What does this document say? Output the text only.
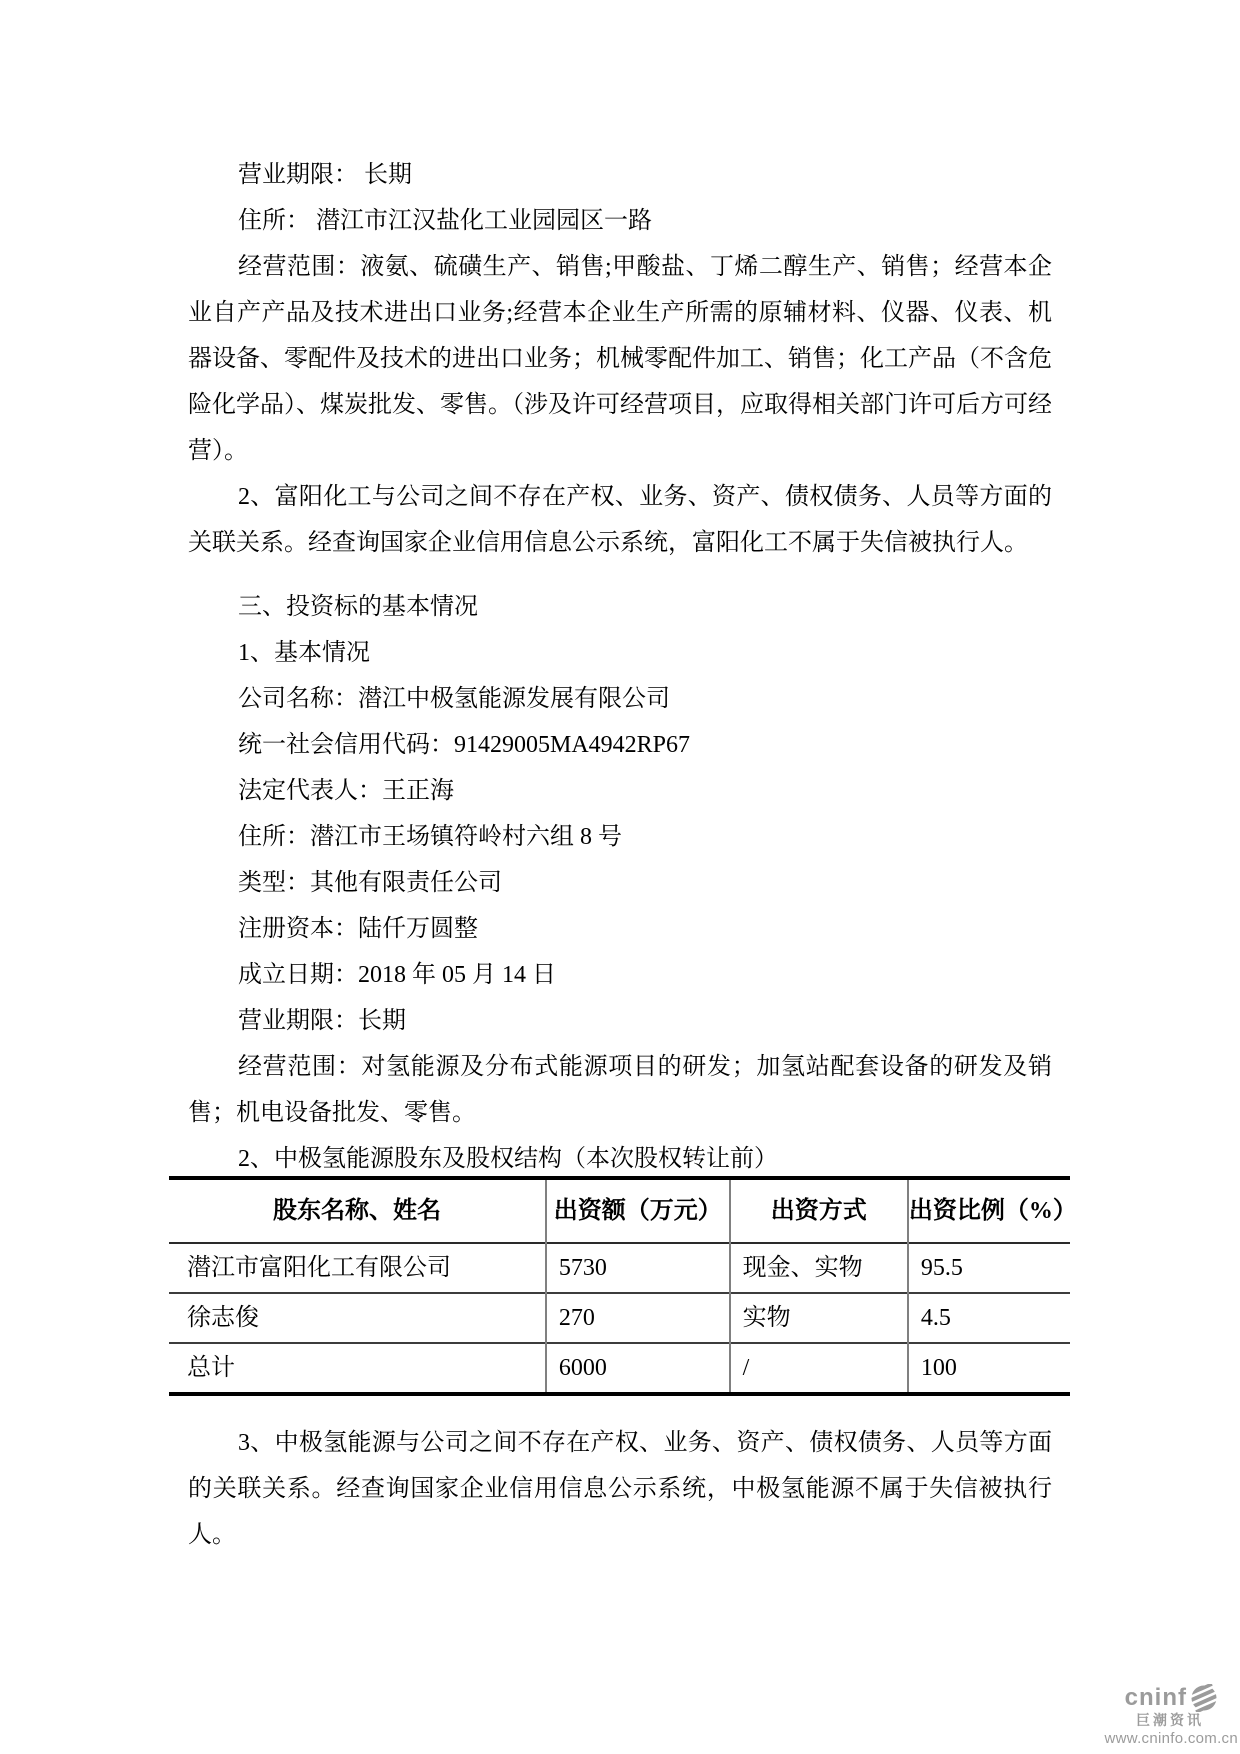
营业期限： 长期
住所： 潜江市江汉盐化工业园园区一路
经营范围：液氨、硫磺生产、销售;甲酸盐、丁烯二醇生产、销售；经营本企业自产产品及技术进出口业务;经营本企业生产所需的原辅材料、仪器、仪表、机器设备、零配件及技术的进出口业务；机械零配件加工、销售；化工产品（不含危险化学品）、煤炭批发、零售。（涉及许可经营项目，应取得相关部门许可后方可经营）。
2、富阳化工与公司之间不存在产权、业务、资产、债权债务、人员等方面的关联关系。经查询国家企业信用信息公示系统，富阳化工不属于失信被执行人。
三、投资标的基本情况
1、基本情况
公司名称：潜江中极氢能源发展有限公司
统一社会信用代码：91429005MA4942RP67
法定代表人：王正海
住所：潜江市王场镇符岭村六组 8 号
类型：其他有限责任公司
注册资本：陆仟万圆整
成立日期：2018 年 05 月 14 日
营业期限：长期
经营范围：对氢能源及分布式能源项目的研发；加氢站配套设备的研发及销售；机电设备批发、零售。
2、中极氢能源股东及股权结构（本次股权转让前）
股东名称、姓名	出资额（万元）	出资方式	出资比例（%）
潜江市富阳化工有限公司	5730	现金、实物	95.5
徐志俊	270	实物	4.5
总计	6000	/	100
3、中极氢能源与公司之间不存在产权、业务、资产、债权债务、人员等方面的关联关系。经查询国家企业信用信息公示系统，中极氢能源不属于失信被执行人。
cninf
巨潮资讯
www.cninfo.com.cn
